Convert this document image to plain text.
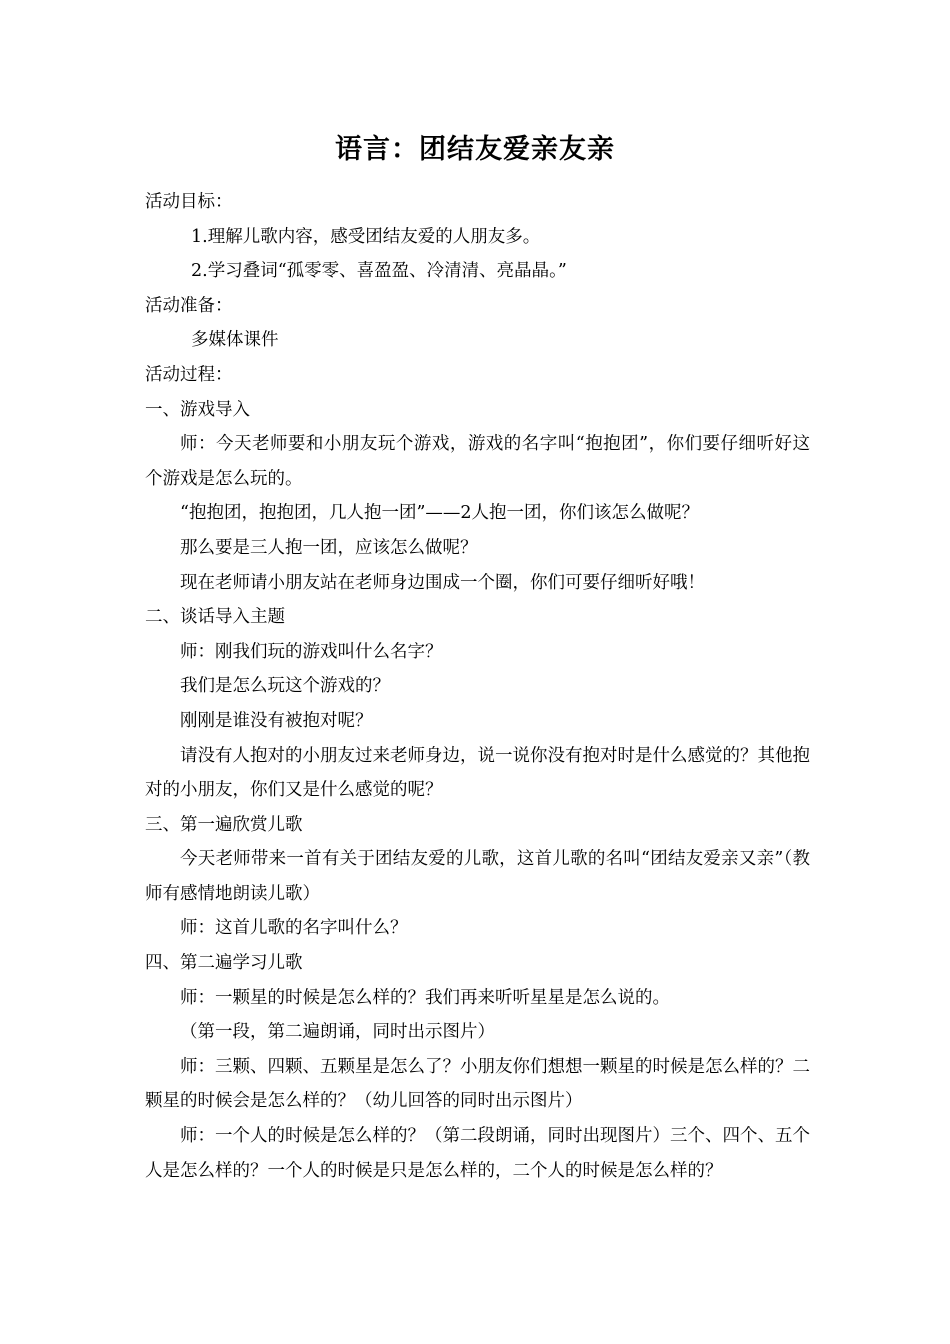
语言：团结友爱亲友亲

活动目标：

1.理解儿歌内容，感受团结友爱的人朋友多。

2.学习叠词“孤零零、喜盈盈、冷清清、亮晶晶。”

活动准备：

多媒体课件

活动过程：

一、游戏导入

师：今天老师要和小朋友玩个游戏，游戏的名字叫“抱抱团”，你们要仔细听好这个游戏是怎么玩的。

“抱抱团，抱抱团，几人抱一团”——2人抱一团，你们该怎么做呢？

那么要是三人抱一团，应该怎么做呢？

现在老师请小朋友站在老师身边围成一个圈，你们可要仔细听好哦！

二、谈话导入主题

师：刚我们玩的游戏叫什么名字？

我们是怎么玩这个游戏的？

刚刚是谁没有被抱对呢？

请没有人抱对的小朋友过来老师身边，说一说你没有抱对时是什么感觉的？其他抱对的小朋友，你们又是什么感觉的呢？

三、第一遍欣赏儿歌

今天老师带来一首有关于团结友爱的儿歌，这首儿歌的名叫“团结友爱亲又亲”（教师有感情地朗读儿歌）

师：这首儿歌的名字叫什么？

四、第二遍学习儿歌

师：一颗星的时候是怎么样的？我们再来听听星星是怎么说的。

（第一段，第二遍朗诵，同时出示图片）

师：三颗、四颗、五颗星是怎么了？小朋友你们想想一颗星的时候是怎么样的？二颗星的时候会是怎么样的？（幼儿回答的同时出示图片）

师：一个人的时候是怎么样的？（第二段朗诵，同时出现图片）三个、四个、五个人是怎么样的？一个人的时候是只是怎么样的，二个人的时候是怎么样的？
